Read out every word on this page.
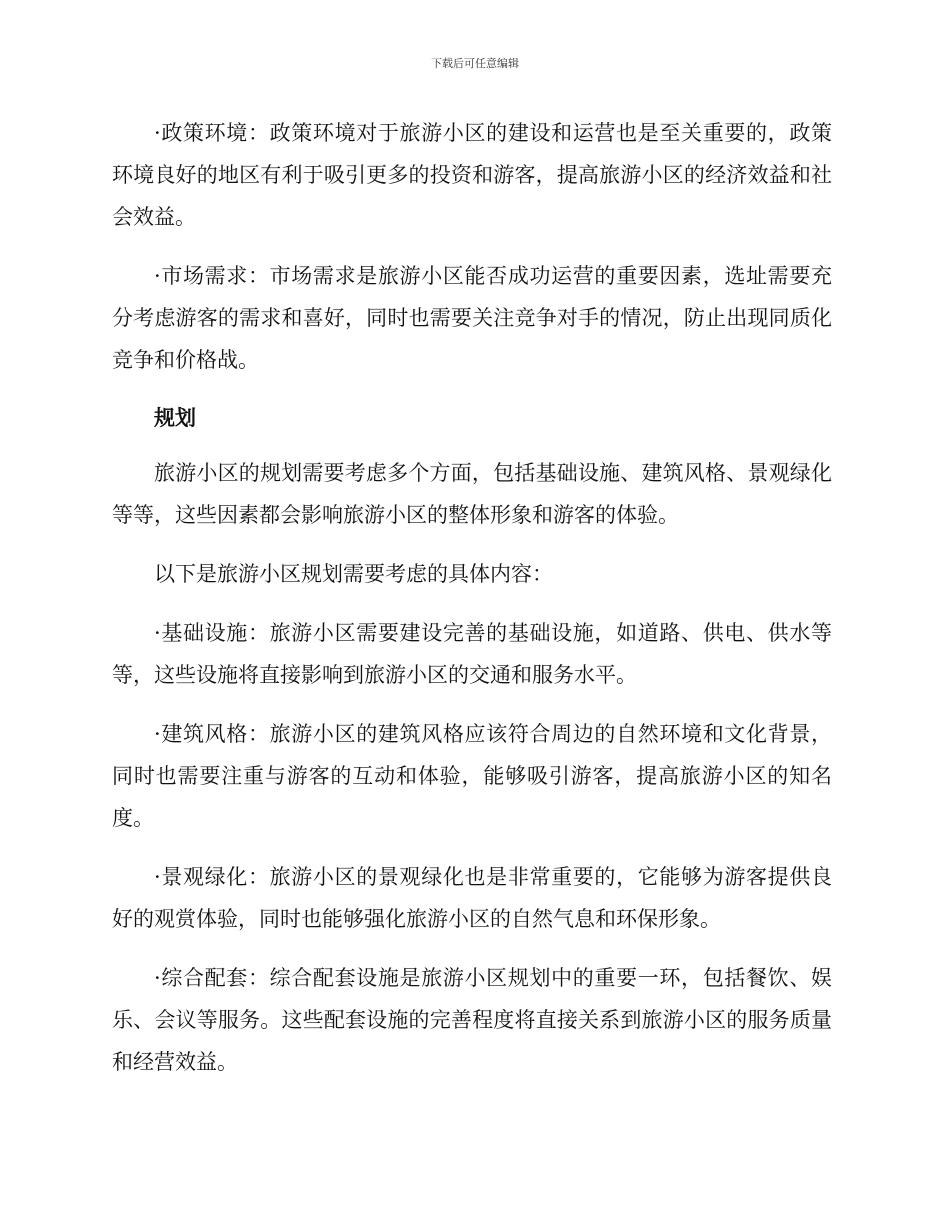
下载后可任意编辑

·政策环境：政策环境对于旅游小区的建设和运营也是至关重要的，政策环境良好的地区有利于吸引更多的投资和游客，提高旅游小区的经济效益和社会效益。

·市场需求：市场需求是旅游小区能否成功运营的重要因素，选址需要充分考虑游客的需求和喜好，同时也需要关注竞争对手的情况，防止出现同质化竞争和价格战。

规划

旅游小区的规划需要考虑多个方面，包括基础设施、建筑风格、景观绿化等等，这些因素都会影响旅游小区的整体形象和游客的体验。

以下是旅游小区规划需要考虑的具体内容：

·基础设施：旅游小区需要建设完善的基础设施，如道路、供电、供水等等，这些设施将直接影响到旅游小区的交通和服务水平。

·建筑风格：旅游小区的建筑风格应该符合周边的自然环境和文化背景，同时也需要注重与游客的互动和体验，能够吸引游客，提高旅游小区的知名度。

·景观绿化：旅游小区的景观绿化也是非常重要的，它能够为游客提供良好的观赏体验，同时也能够强化旅游小区的自然气息和环保形象。

·综合配套：综合配套设施是旅游小区规划中的重要一环，包括餐饮、娱乐、会议等服务。这些配套设施的完善程度将直接关系到旅游小区的服务质量和经营效益。
